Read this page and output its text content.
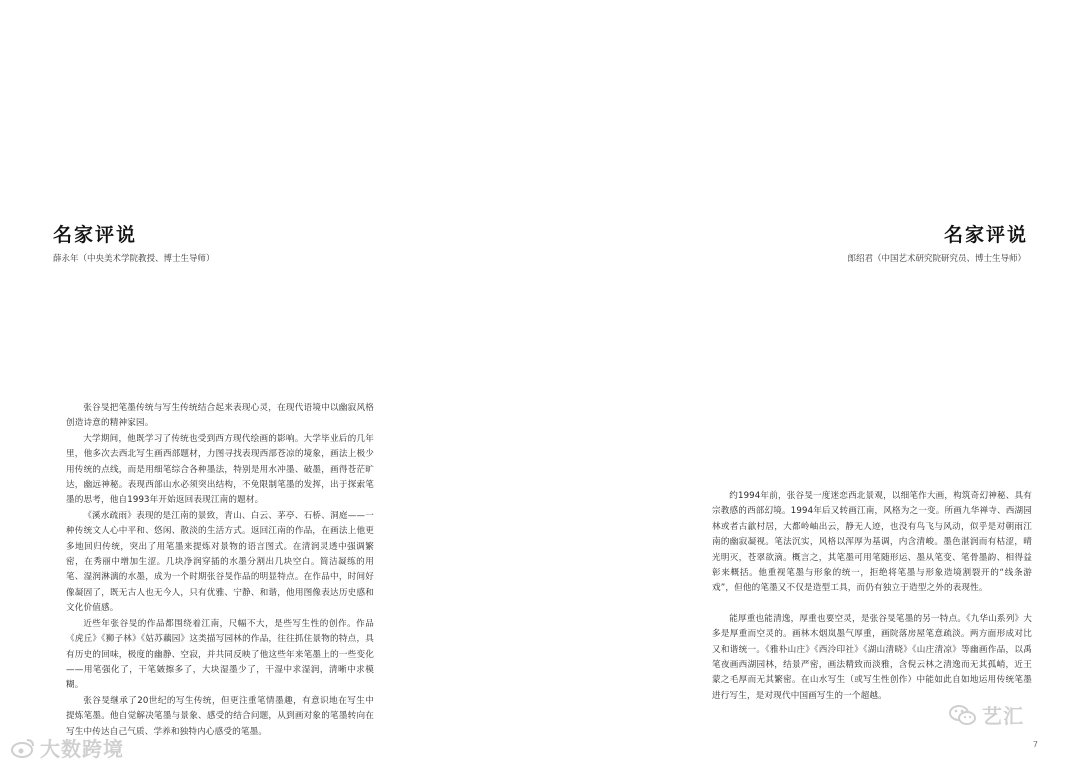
名家评说
薛永年（中央美术学院教授、博士生导师）

张谷旻把笔墨传统与写生传统结合起来表现心灵，在现代语境中以幽寂风格创造诗意的精神家园。

大学期间，他既学习了传统也受到西方现代绘画的影响。大学毕业后的几年里，他多次去西北写生画西部题材，力图寻找表现西部苍凉的境象，画法上极少用传统的点线，而是用细笔综合各种墨法，特别是用水冲墨、破墨，画得苍茫旷达，幽远神秘。表现西部山水必须突出结构，不免限制笔墨的发挥，出于探索笔墨的思考，他自1993年开始返回表现江南的题材。

《溪水疏雨》表现的是江南的景致，青山、白云、茅亭、石桥、洞庭——一种传统文人心中平和、悠闲、散淡的生活方式。返回江南的作品，在画法上他更多地回归传统，突出了用笔墨来提炼对景物的语言图式。在清润灵透中强调繁密，在秀丽中增加生涩。几块净润穿插的水墨分割出几块空白。简洁凝练的用笔、湿润淋漓的水墨，成为一个时期张谷旻作品的明显特点。在作品中，时间好像凝固了，既无古人也无今人，只有优雅、宁静、和谐，他用图像表达历史感和文化价值感。

近些年张谷旻的作品都围绕着江南，尺幅不大，是些写生性的创作。作品《虎丘》《狮子林》《姑苏藕园》这类描写园林的作品，往往抓住景物的特点，具有历史的回味，极度的幽静、空寂，并共同反映了他这些年来笔墨上的一些变化——用笔强化了，干笔皴擦多了，大块湿墨少了，干湿中求湿润，清晰中求模糊。

张谷旻继承了20世纪的写生传统，但更注重笔情墨趣，有意识地在写生中提炼笔墨。他自觉解决笔墨与景象、感受的结合问题，从到画对象的笔墨转向在写生中传达自己气质、学养和独特内心感受的笔墨。

名家评说
郎绍君（中国艺术研究院研究员、博士生导师）

约1994年前，张谷旻一度迷恋西北景观，以细笔作大画，构筑奇幻神秘、具有宗教感的西部幻境。1994年后又转画江南，风格为之一变。所画九华禅寺、西湖园林或者古歙村居，大都岭岫出云，静无人迹，也没有鸟飞与风动，似乎是对朝雨江南的幽寂凝视。笔法沉实，风格以浑厚为基调，内含清峻。墨色湛润而有枯涩，晴光明灭，苍翠欲滴。概言之，其笔墨可用笔随形运、墨从笔变、笔骨墨韵、相得益彰来概括。他重视笔墨与形象的统一，拒绝将笔墨与形象造境割裂开的“线条游戏”，但他的笔墨又不仅是造型工具，而仍有独立于造型之外的表现性。

能厚重也能清逸，厚重也要空灵，是张谷旻笔墨的另一特点。《九华山系列》大多是厚重而空灵的。画林木烟岚墨气厚重，画院落房屋笔意疏淡。两方面形成对比又和谐统一。《雅朴山庄》《西泠印社》《湖山清晓》《山庄清凉》等幽画作品，以禹笔夜画西湖园林，结景严密，画法精致而淡雅，含倪云林之清逸而无其孤峭，近王蒙之毛厚而无其繁密。在山水写生（或写生性创作）中能如此自如地运用传统笔墨进行写生，是对现代中国画写生的一个超越。

7
大数跨境
艺汇
